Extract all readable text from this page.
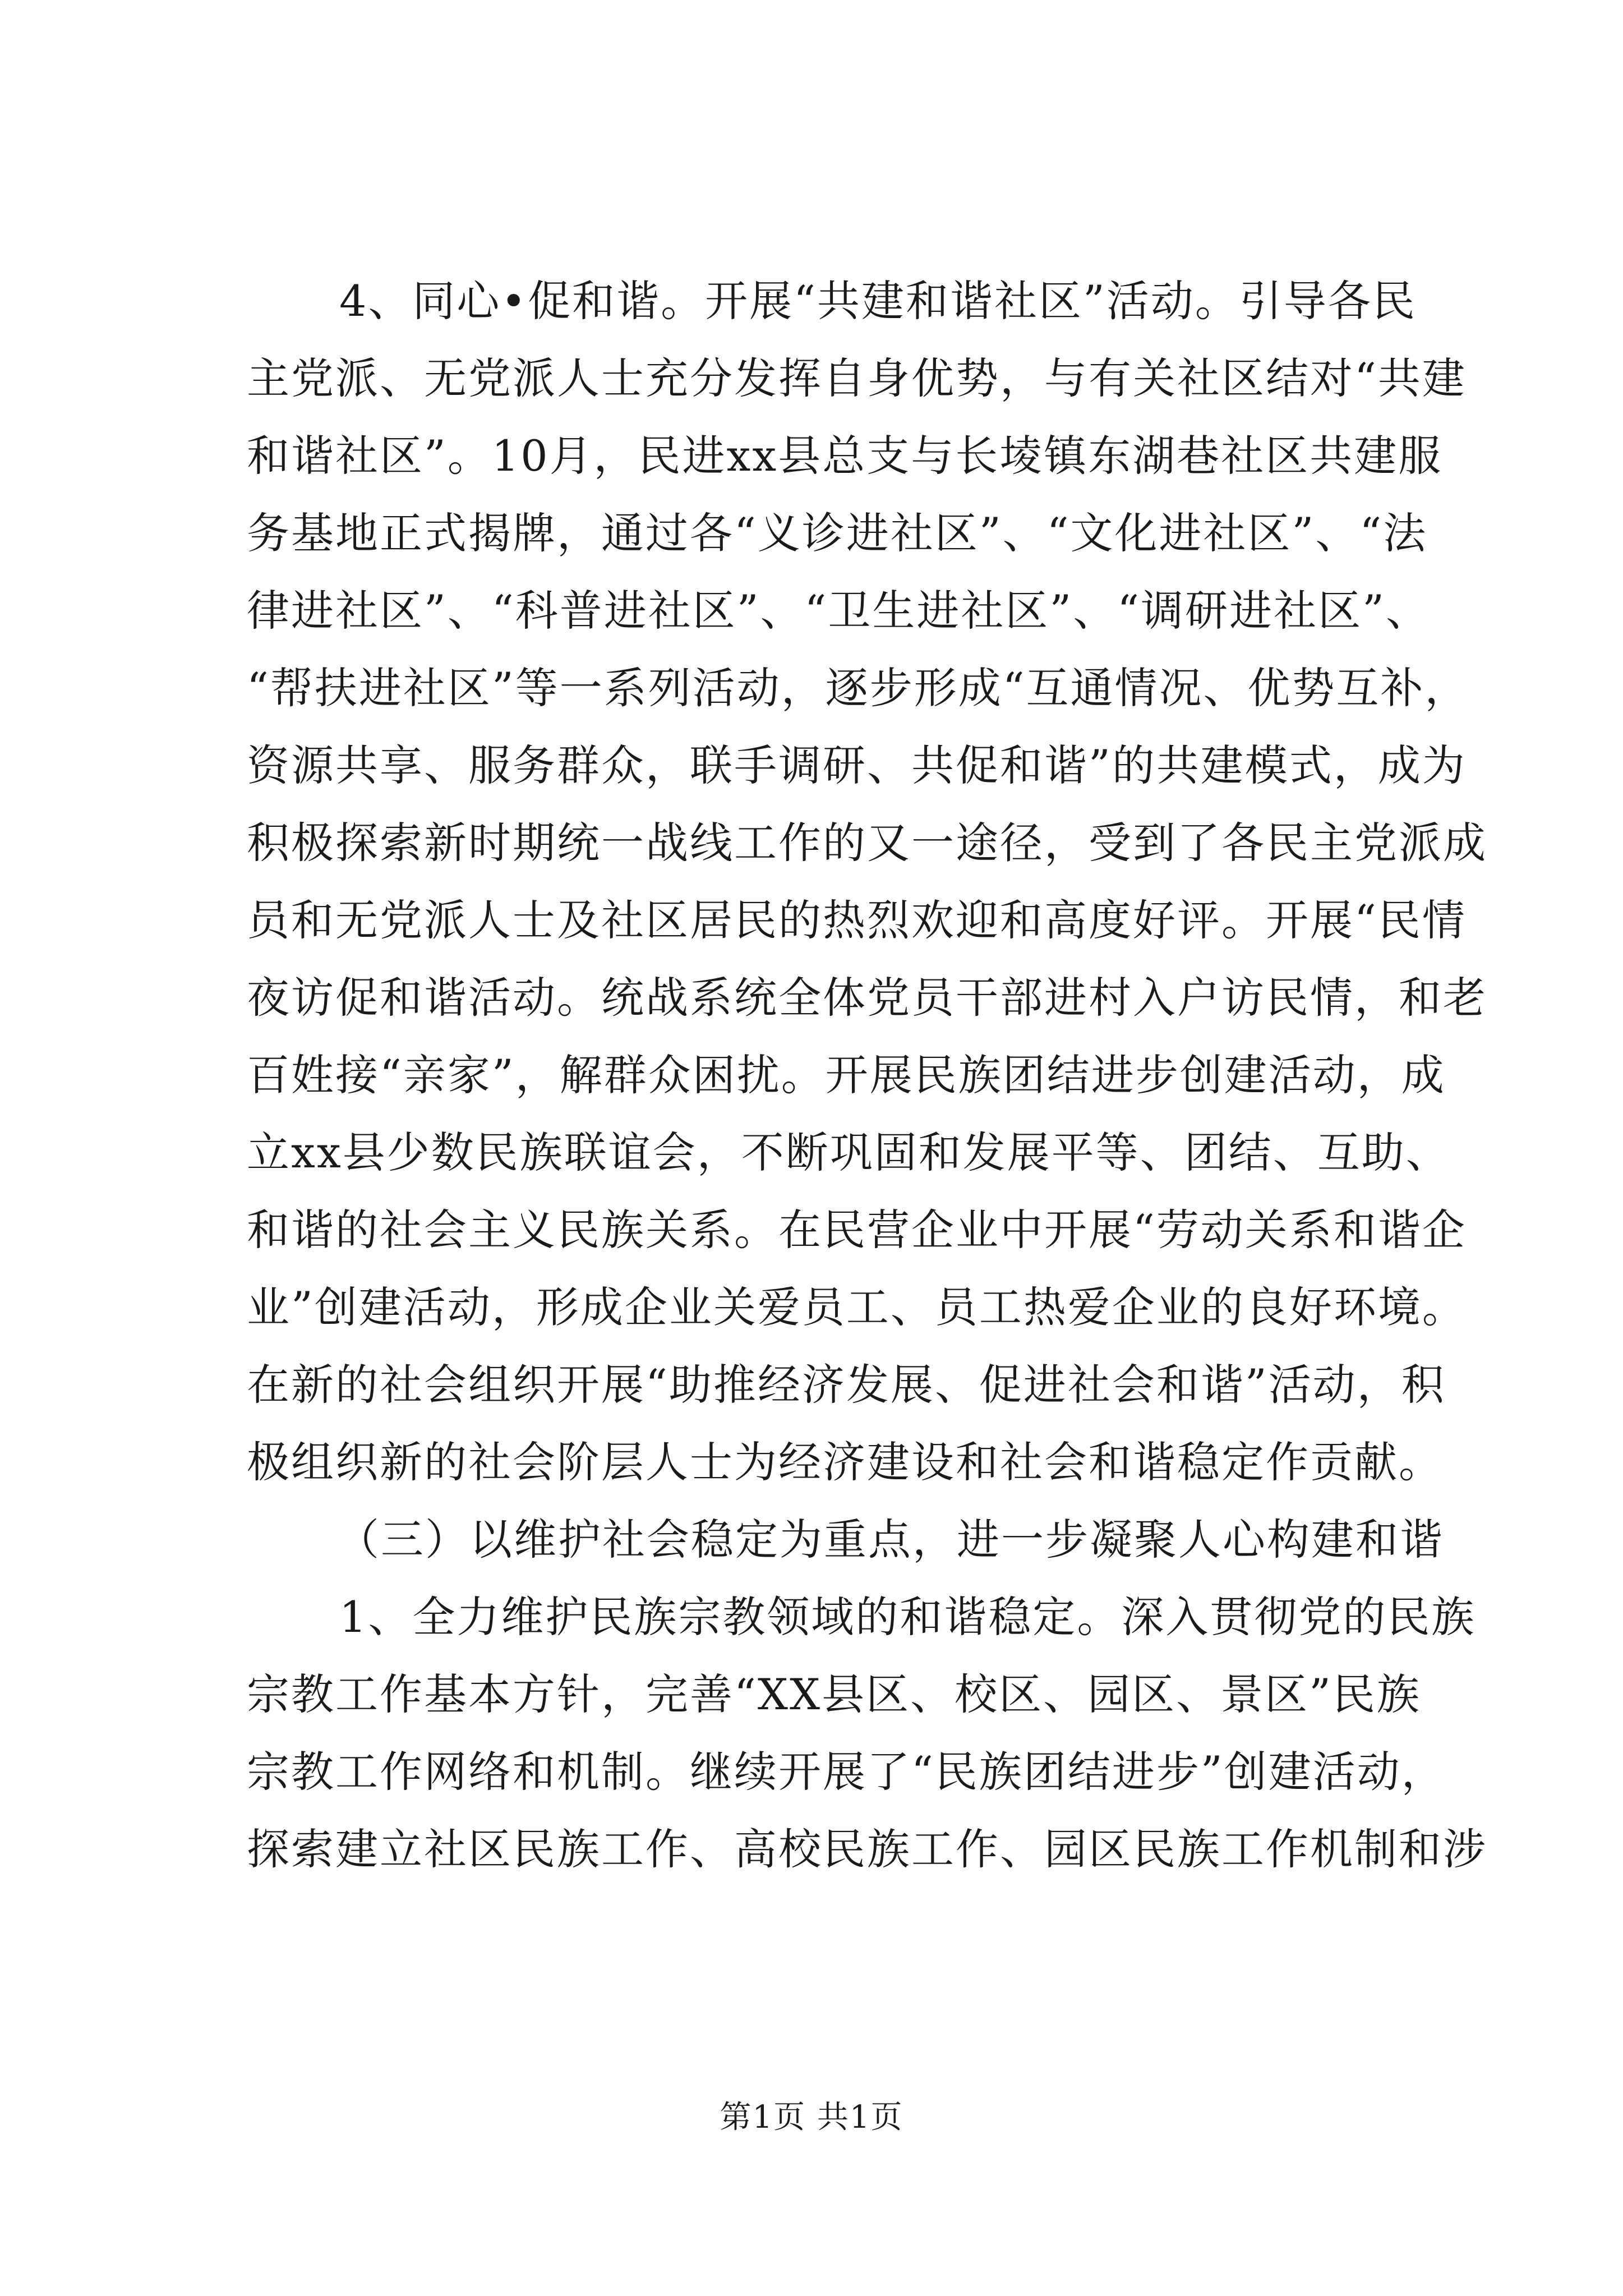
4、同心•促和谐。开展“共建和谐社区”活动。引导各民
主党派、无党派人士充分发挥自身优势，与有关社区结对“共建
和谐社区”。10月，民进xx县总支与长堎镇东湖巷社区共建服
务基地正式揭牌，通过各“义诊进社区”、“文化进社区”、“法
律进社区”、“科普进社区”、“卫生进社区”、“调研进社区”、
“帮扶进社区”等一系列活动，逐步形成“互通情况、优势互补，
资源共享、服务群众，联手调研、共促和谐”的共建模式，成为
积极探索新时期统一战线工作的又一途径，受到了各民主党派成
员和无党派人士及社区居民的热烈欢迎和高度好评。开展“民情
夜访促和谐活动。统战系统全体党员干部进村入户访民情，和老
百姓接“亲家”，解群众困扰。开展民族团结进步创建活动，成
立xx县少数民族联谊会，不断巩固和发展平等、团结、互助、
和谐的社会主义民族关系。在民营企业中开展“劳动关系和谐企
业”创建活动，形成企业关爱员工、员工热爱企业的良好环境。
在新的社会组织开展“助推经济发展、促进社会和谐”活动，积
极组织新的社会阶层人士为经济建设和社会和谐稳定作贡献。
（三）以维护社会稳定为重点，进一步凝聚人心构建和谐
1、全力维护民族宗教领域的和谐稳定。深入贯彻党的民族
宗教工作基本方针，完善“XX县区、校区、园区、景区”民族
宗教工作网络和机制。继续开展了“民族团结进步”创建活动，
探索建立社区民族工作、高校民族工作、园区民族工作机制和涉
第1页 共1页
